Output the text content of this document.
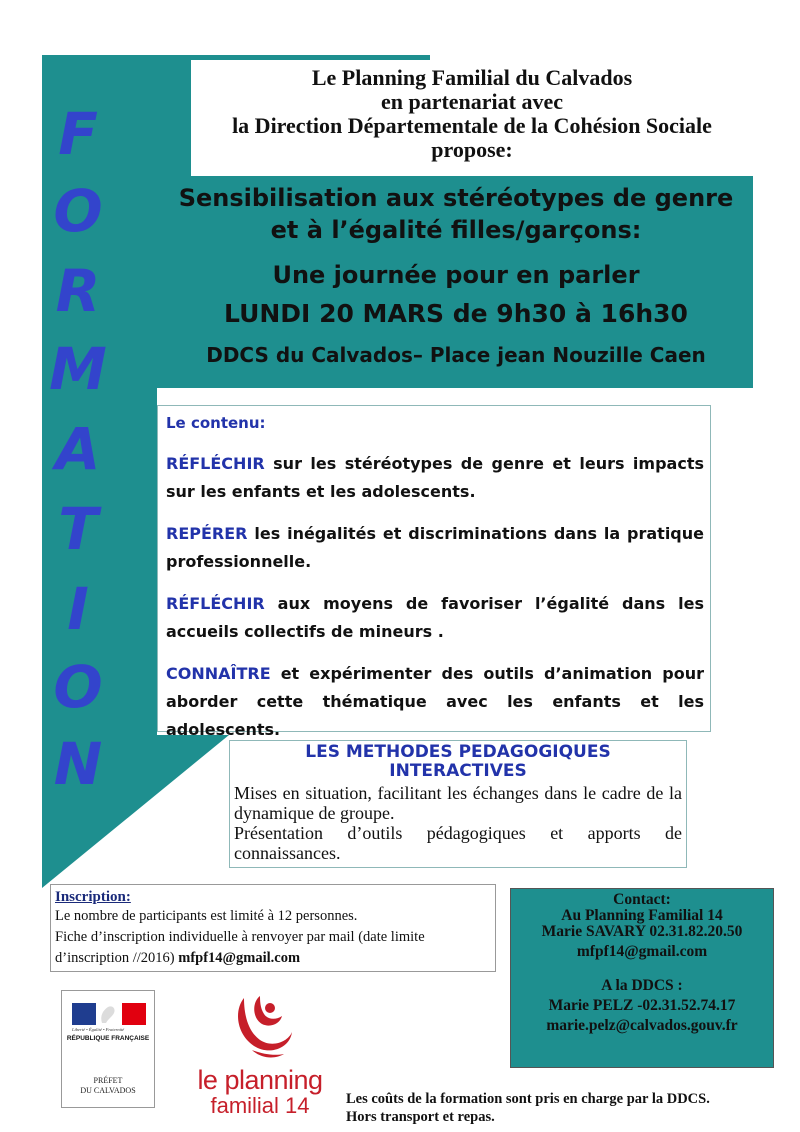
F
O
R
M
A
T
I
O
N
Le Planning Familial du Calvados
en partenariat avec
la Direction Départementale de la Cohésion Sociale
propose:
Sensibilisation aux stéréotypes de genre
et à l’égalité filles/garçons:
Une journée pour en parler
LUNDI 20 MARS de 9h30 à 16h30
DDCS du Calvados– Place jean Nouzille Caen
Le contenu:
RÉFLÉCHIR sur les stéréotypes de genre et leurs impacts sur les enfants et les adolescents.
REPÉRER les inégalités et discriminations dans la pratique professionnelle.
RÉFLÉCHIR aux moyens de favoriser l’égalité dans les accueils collectifs de mineurs .
CONNAÎTRE et expérimenter des outils d’animation pour aborder cette thématique avec les enfants et les adolescents.
LES METHODES PEDAGOGIQUES
INTERACTIVES
Mises en situation, facilitant les échanges dans le cadre de la dynamique de groupe.
Présentation d’outils pédagogiques et apports de connaissances.
Inscription:
Le nombre de participants est limité à 12 personnes.
Fiche d’inscription individuelle à renvoyer par mail (date limite d’inscription //2016) mfpf14@gmail.com
Contact:
Au Planning Familial 14
Marie SAVARY 02.31.82.20.50
mfpf14@gmail.com
A la DDCS :
Marie PELZ -02.31.52.74.17
marie.pelz@calvados.gouv.fr
Liberté • Égalité • Fraternité
RÉPUBLIQUE FRANÇAISE
PRÉFET
DU CALVADOS	le planning
familial 14	Les coûts de la formation sont pris en charge par la DDCS.
Hors transport et repas.
